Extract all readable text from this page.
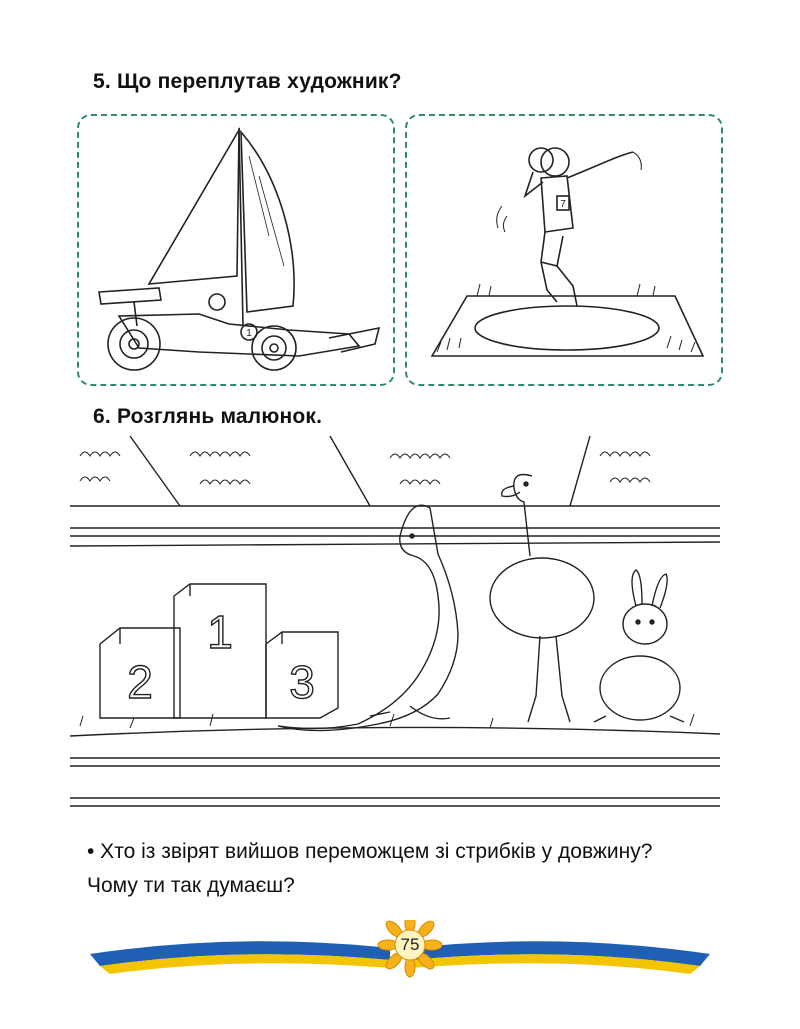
5. Що переплутав художник?
1
7
6. Розглянь малюнок.
2
1
3
• Хто із звірят вийшов переможцем зі стрибків у довжину? Чому ти так думаєш?
75
